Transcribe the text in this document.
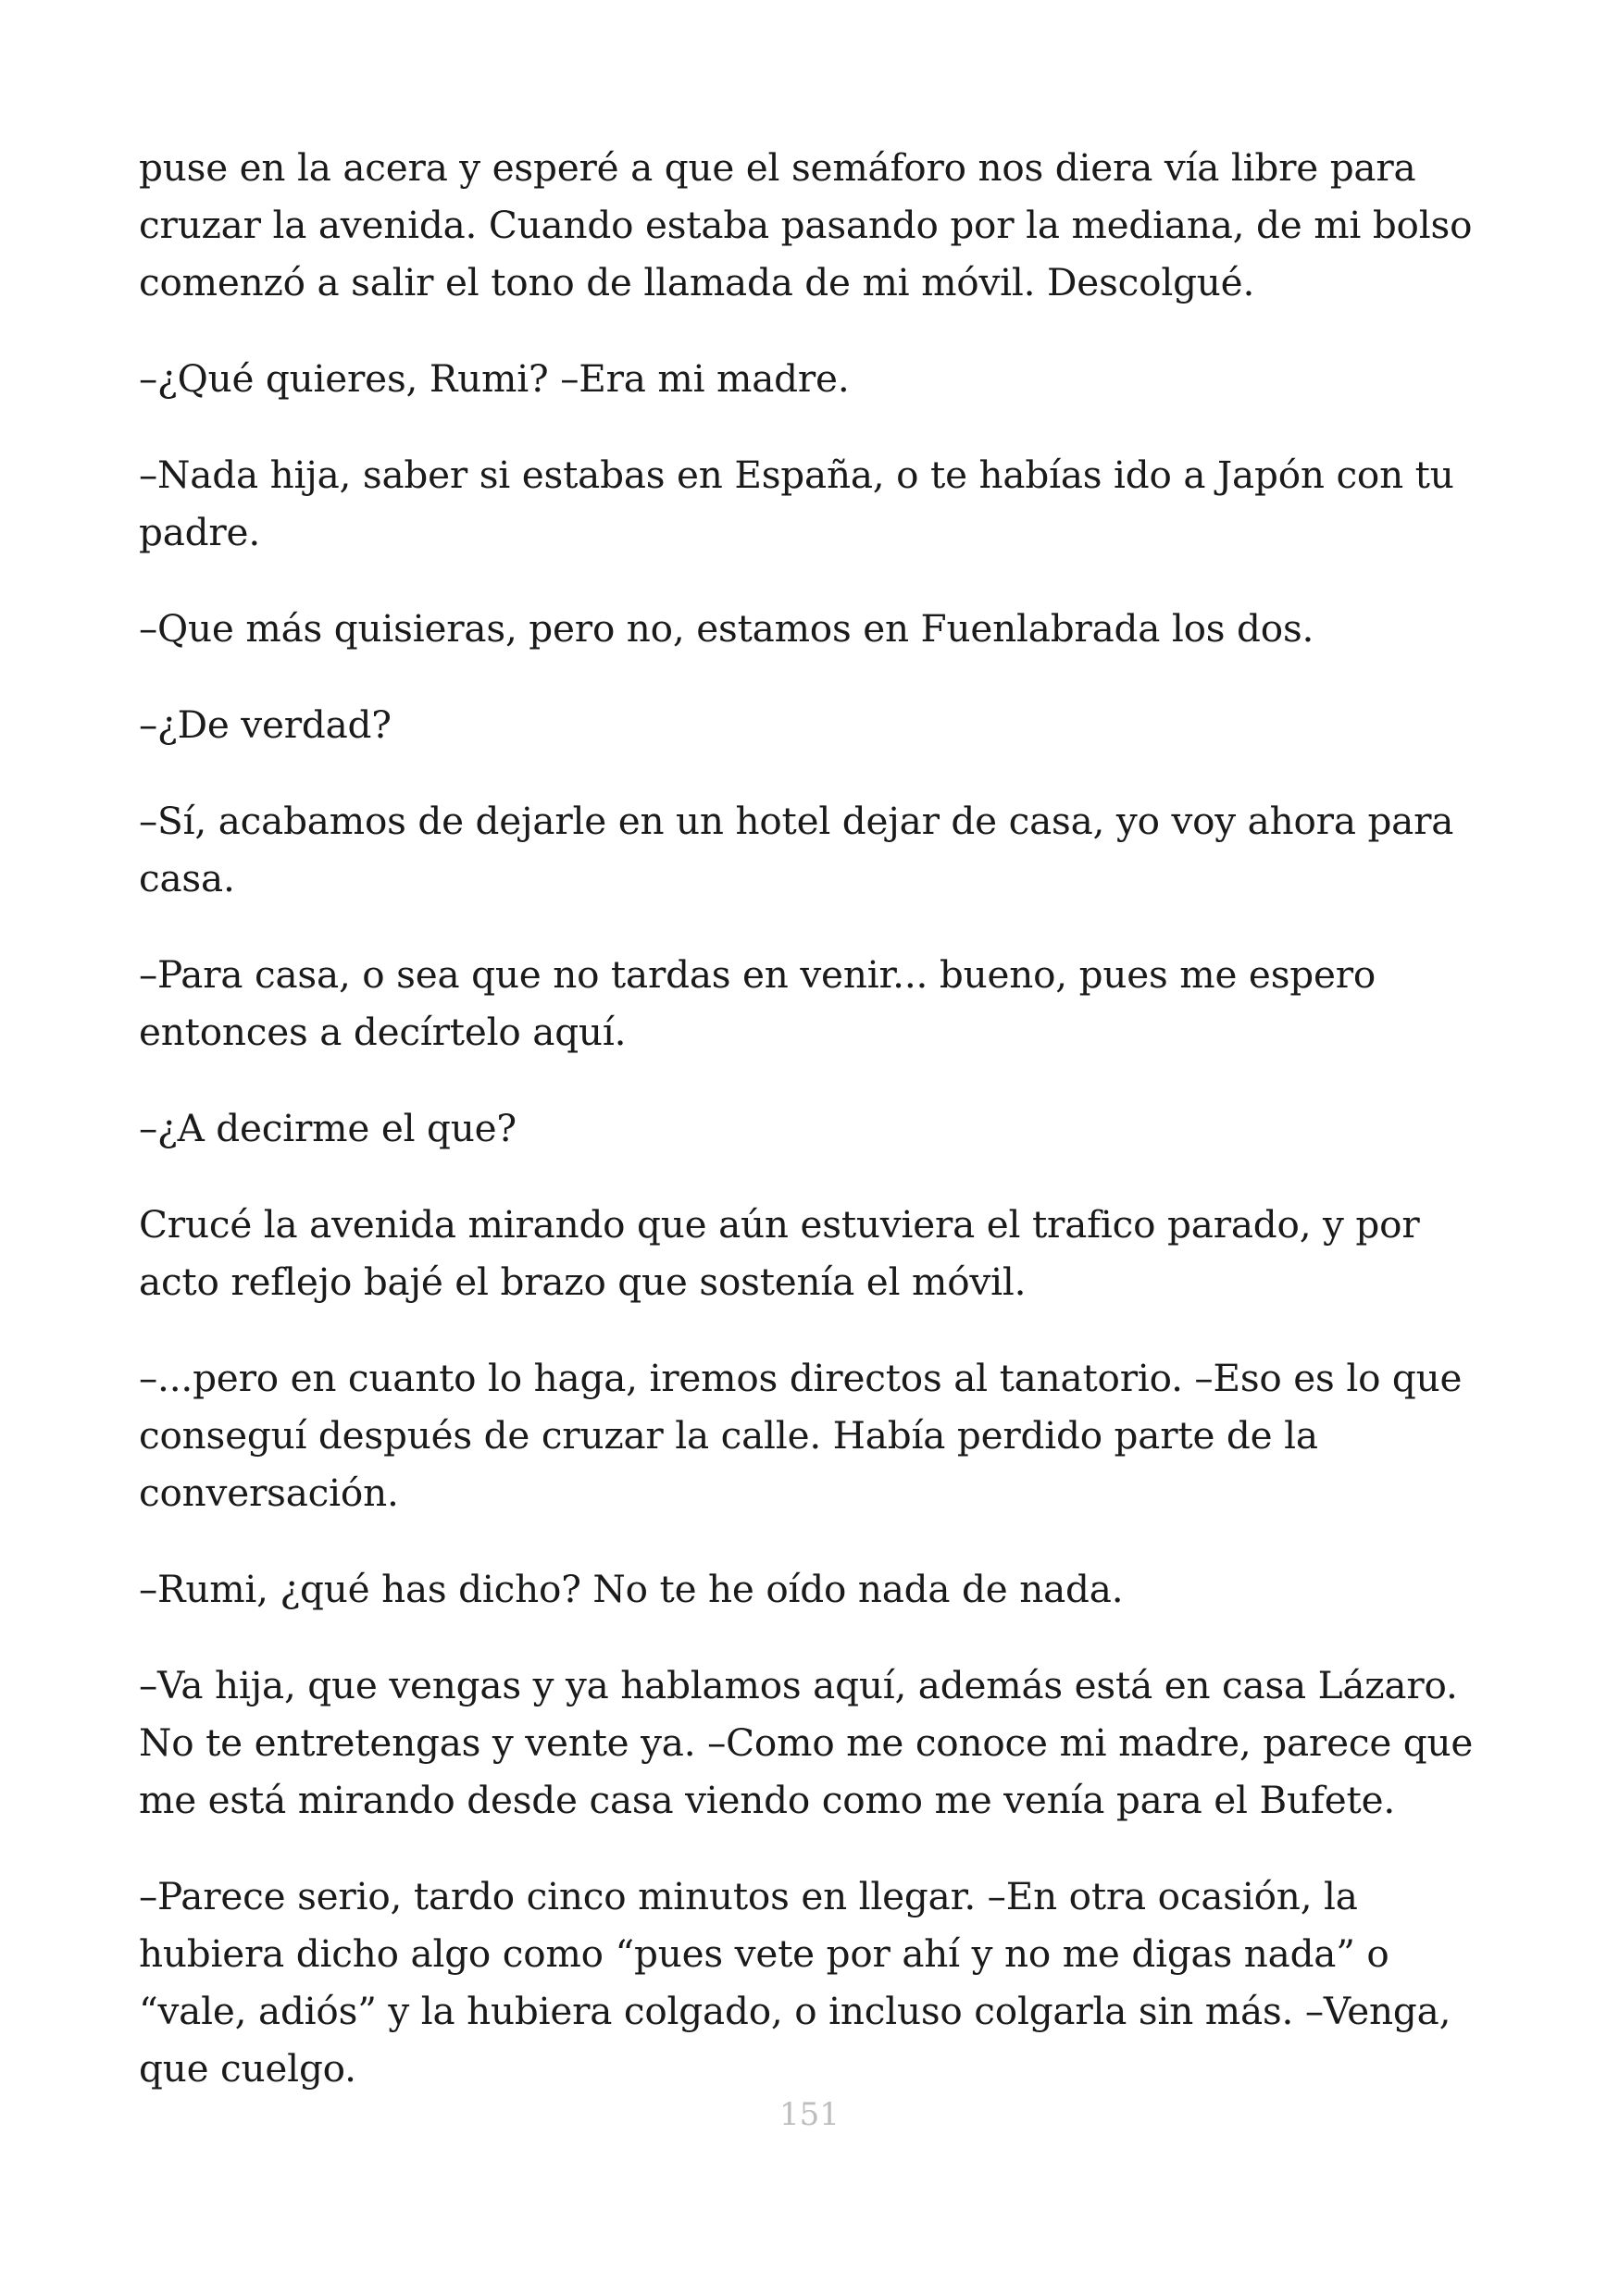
puse en la acera y esperé a que el semáforo nos diera vía libre para cruzar la avenida. Cuando estaba pasando por la mediana, de mi bolso comenzó a salir el tono de llamada de mi móvil. Descolgué.

–¿Qué quieres, Rumi? –Era mi madre.

–Nada hija, saber si estabas en España, o te habías ido a Japón con tu padre.

–Que más quisieras, pero no, estamos en Fuenlabrada los dos.

–¿De verdad?

–Sí, acabamos de dejarle en un hotel dejar de casa, yo voy ahora para casa.

–Para casa, o sea que no tardas en venir... bueno, pues me espero entonces a decírtelo aquí.

–¿A decirme el que?

Crucé la avenida mirando que aún estuviera el trafico parado, y por acto reflejo bajé el brazo que sostenía el móvil.

–...pero en cuanto lo haga, iremos directos al tanatorio. –Eso es lo que conseguí después de cruzar la calle. Había perdido parte de la conversación.

–Rumi, ¿qué has dicho? No te he oído nada de nada.

–Va hija, que vengas y ya hablamos aquí, además está en casa Lázaro. No te entretengas y vente ya. –Como me conoce mi madre, parece que me está mirando desde casa viendo como me venía para el Bufete.

–Parece serio, tardo cinco minutos en llegar. –En otra ocasión, la hubiera dicho algo como “pues vete por ahí y no me digas nada” o “vale, adiós” y la hubiera colgado, o incluso colgarla sin más. –Venga, que cuelgo.

151
